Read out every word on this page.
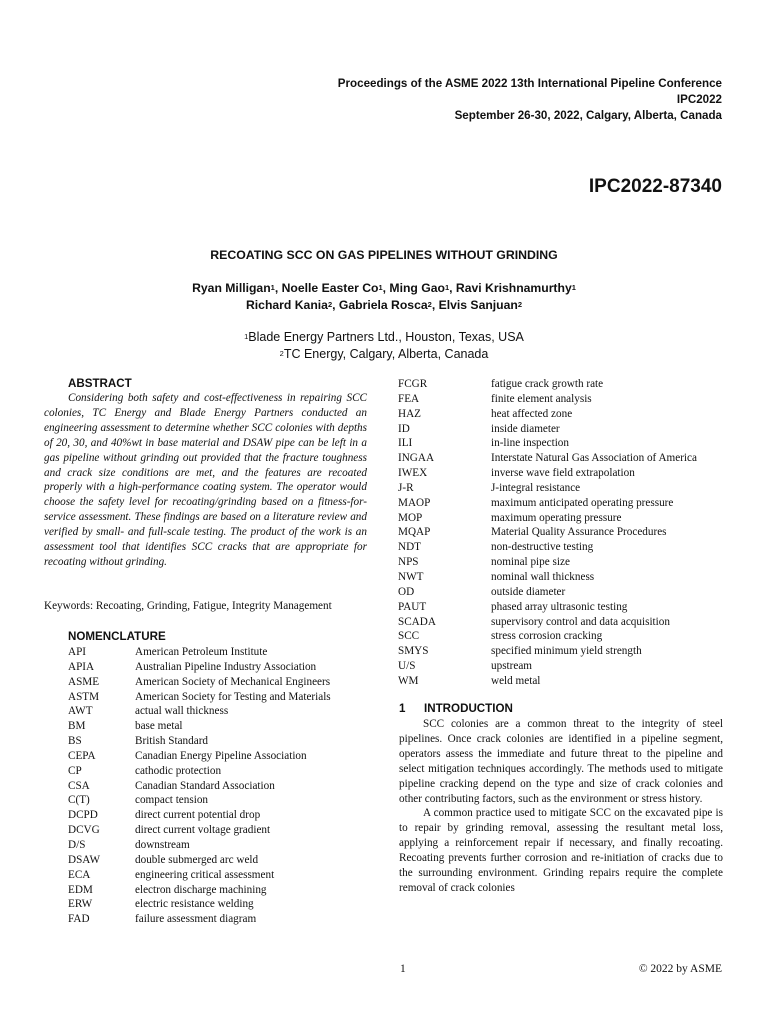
Proceedings of the ASME 2022 13th International Pipeline Conference
IPC2022
September 26-30, 2022, Calgary, Alberta, Canada
IPC2022-87340
RECOATING SCC ON GAS PIPELINES WITHOUT GRINDING
Ryan Milligan$^1$, Noelle Easter Co$^1$, Ming Gao$^1$, Ravi Krishnamurthy$^1$
Richard Kania$^2$, Gabriela Rosca$^2$, Elvis Sanjuan$^2$
$^1$Blade Energy Partners Ltd., Houston, Texas, USA
$^2$TC Energy, Calgary, Alberta, Canada
ABSTRACT

Considering both safety and cost-effectiveness in repairing SCC colonies, TC Energy and Blade Energy Partners conducted an engineering assessment to determine whether SCC colonies with depths of 20, 30, and 40%wt in base material and DSAW pipe can be left in a gas pipeline without grinding out provided that the fracture toughness and crack size conditions are met, and the features are recoated properly with a high-performance coating system. The operator would choose the safety level for recoating/grinding based on a fitness-for-service assessment. These findings are based on a literature review and verified by small- and full-scale testing. The product of the work is an assessment tool that identifies SCC cracks that are appropriate for recoating without grinding.

Keywords: Recoating, Grinding, Fatigue, Integrity Management

NOMENCLATURE
API	American Petroleum Institute
APIA	Australian Pipeline Industry Association
ASME	American Society of Mechanical Engineers
ASTM	American Society for Testing and Materials
AWT	actual wall thickness
BM	base metal
BS	British Standard
CEPA	Canadian Energy Pipeline Association
CP	cathodic protection
CSA	Canadian Standard Association
C(T)	compact tension
DCPD	direct current potential drop
DCVG	direct current voltage gradient
D/S	downstream
DSAW	double submerged arc weld
ECA	engineering critical assessment
EDM	electron discharge machining
ERW	electric resistance welding
FAD	failure assessment diagram
FCGR	fatigue crack growth rate
FEA	finite element analysis
HAZ	heat affected zone
ID	inside diameter
ILI	in-line inspection
INGAA	Interstate Natural Gas Association of America
IWEX	inverse wave field extrapolation
J-R	J-integral resistance
MAOP	maximum anticipated operating pressure
MOP	maximum operating pressure
MQAP	Material Quality Assurance Procedures
NDT	non-destructive testing
NPS	nominal pipe size
NWT	nominal wall thickness
OD	outside diameter
PAUT	phased array ultrasonic testing
SCADA	supervisory control and data acquisition
SCC	stress corrosion cracking
SMYS	specified minimum yield strength
U/S	upstream
WM	weld metal
1 INTRODUCTION

SCC colonies are a common threat to the integrity of steel pipelines. Once crack colonies are identified in a pipeline segment, operators assess the immediate and future threat to the pipeline and select mitigation techniques accordingly. The methods used to mitigate pipeline cracking depend on the type and size of crack colonies and other contributing factors, such as the environment or stress history.

A common practice used to mitigate SCC on the excavated pipe is to repair by grinding removal, assessing the resultant metal loss, applying a reinforcement repair if necessary, and finally recoating. Recoating prevents further corrosion and re-initiation of cracks due to the surrounding environment. Grinding repairs require the complete removal of crack colonies

1	© 2022 by ASME
